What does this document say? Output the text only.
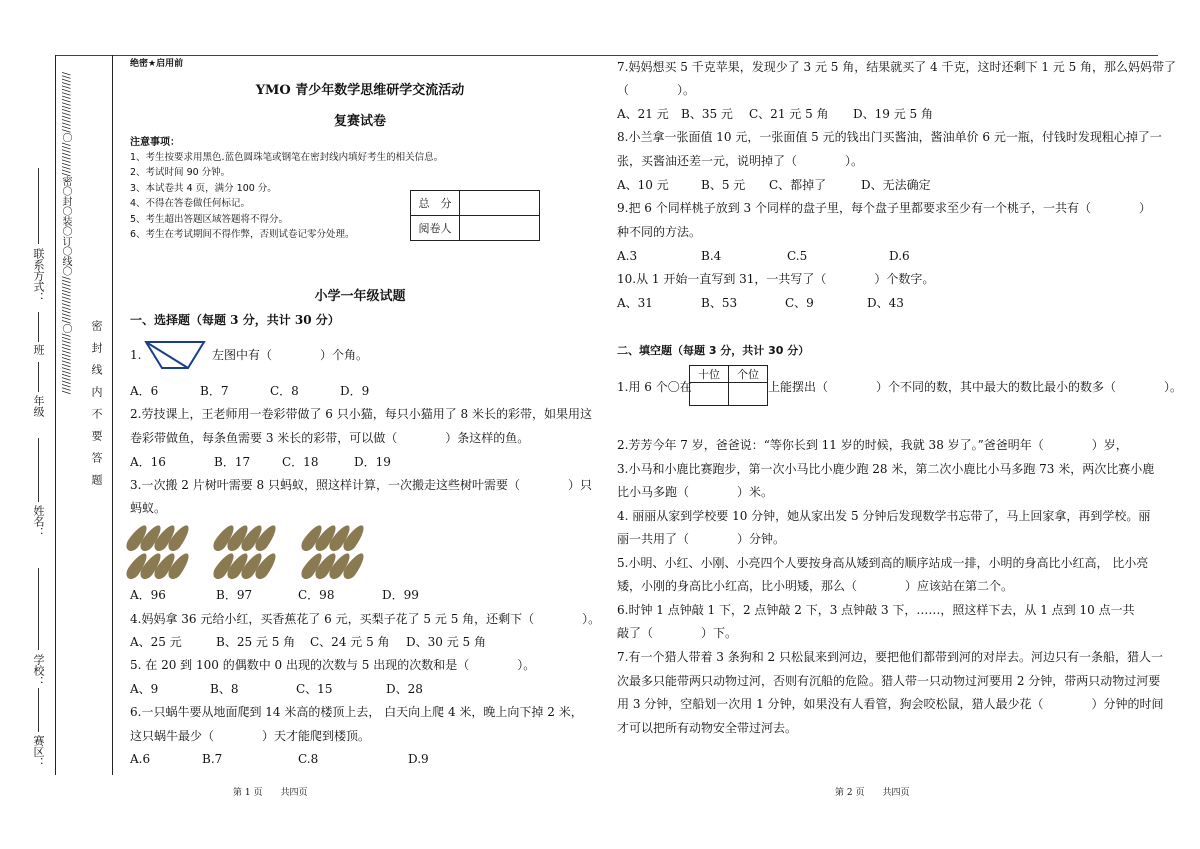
//////////////////〇//////////密〇封〇装〇订〇线〇//////////////〇//////////////////
密　封　线　内　不　要　答　题
赛区：
学校：
姓名：
年级
班
联系方式：
绝密★启用前
YMO 青少年数学思维研学交流活动
复赛试卷
注意事项：
1、考生按要求用黑色.蓝色圆珠笔或钢笔在密封线内填好考生的相关信息。
2、考试时间 90 分钟。
3、本试卷共 4 页，满分 100 分。
4、不得在答卷做任何标记。
5、考生超出答题区域答题将不得分。
6、考生在考试期间不得作弊，否则试卷记零分处理。
总　分	
阅卷人	
小学一年级试题
一、选择题（每题 3 分，共计 30 分）
1.	左图中有（　　　　）个角。
A．6	B．7	C．8	D．9
2.劳技课上，王老师用一卷彩带做了 6 只小猫，每只小猫用了 8 米长的彩带，如果用这
卷彩带做鱼，每条鱼需要 3 米长的彩带，可以做（　　　　）条这样的鱼。
A．16	B．17	C．18	D．19
3.一次搬 2 片树叶需要 8 只蚂蚁，照这样计算，一次搬走这些树叶需要（　　　　）只
蚂蚁。
A．96	B．97	C．98	D．99
4.妈妈拿 36 元给小红，买香蕉花了 6 元，买梨子花了 5 元 5 角，还剩下（　　　　）。
A、25 元	B、25 元 5 角 C、24 元 5 角 D、30 元 5 角
5. 在 20 到 100 的偶数中 0 出现的次数与 5 出现的次数和是（　　　　）。
A、9	B、8	C、15	D、28
6.一只蜗牛要从地面爬到 14 米高的楼顶上去， 白天向上爬 4 米，晚上向下掉 2 米，
这只蜗牛最少（　　　　）天才能爬到楼顶。
A.6	B.7	C.8	D.9
第 1 页　　共四页
7.妈妈想买 5 千克苹果，发现少了 3 元 5 角，结果就买了 4 千克，这时还剩下 1 元 5 角，那么妈妈带了
（　　　　）。
A、21 元 B、35 元 C、21 元 5 角 D、19 元 5 角
8.小兰拿一张面值 10 元，一张面值 5 元的钱出门买酱油，酱油单价 6 元一瓶，付钱时发现粗心掉了一
张，买酱油还差一元，说明掉了（　　　　）。
A、10 元	B、5 元 C、都掉了	D、无法确定
9.把 6 个同样桃子放到 3 个同样的盘子里，每个盘子里都要求至少有一个桃子，一共有（　　　　）
种不同的方法。
A.3	B.4	C.5	D.6
10.从 1 开始一直写到 31，一共写了（　　　　）个数字。
A、31	B、53	C、9	D、43
二、填空题（每题 3 分，共计 30 分）
1.用 6 个〇在
十位	个位

上能摆出（　　　　）个不同的数，其中最大的数比最小的数多（　　　　）。
2.芳芳今年 7 岁，爸爸说：“等你长到 11 岁的时候，我就 38 岁了。”爸爸明年（　　　　）岁，
3.小马和小鹿比赛跑步，第一次小马比小鹿少跑 28 米，第二次小鹿比小马多跑 73 米，两次比赛小鹿
比小马多跑（　　　　）米。
4. 丽丽从家到学校要 10 分钟，她从家出发 5 分钟后发现数学书忘带了，马上回家拿，再到学校。丽
丽一共用了（　　　　）分钟。
5.小明、小红、小刚、小亮四个人要按身高从矮到高的顺序站成一排，小明的身高比小红高， 比小亮
矮，小刚的身高比小红高，比小明矮，那么（　　　　）应该站在第二个。
6.时钟 1 点钟敲 1 下，2 点钟敲 2 下，3 点钟敲 3 下，……，照这样下去，从 1 点到 10 点一共
敲了（　　　　）下。
7.有一个猎人带着 3 条狗和 2 只松鼠来到河边，要把他们都带到河的对岸去。河边只有一条船，猎人一
次最多只能带两只动物过河，否则有沉船的危险。猎人带一只动物过河要用 2 分钟，带两只动物过河要
用 3 分钟，空船划一次用 1 分钟，如果没有人看管，狗会咬松鼠，猎人最少花（　　　　）分钟的时间
才可以把所有动物安全带过河去。
第 2 页　　共四页
